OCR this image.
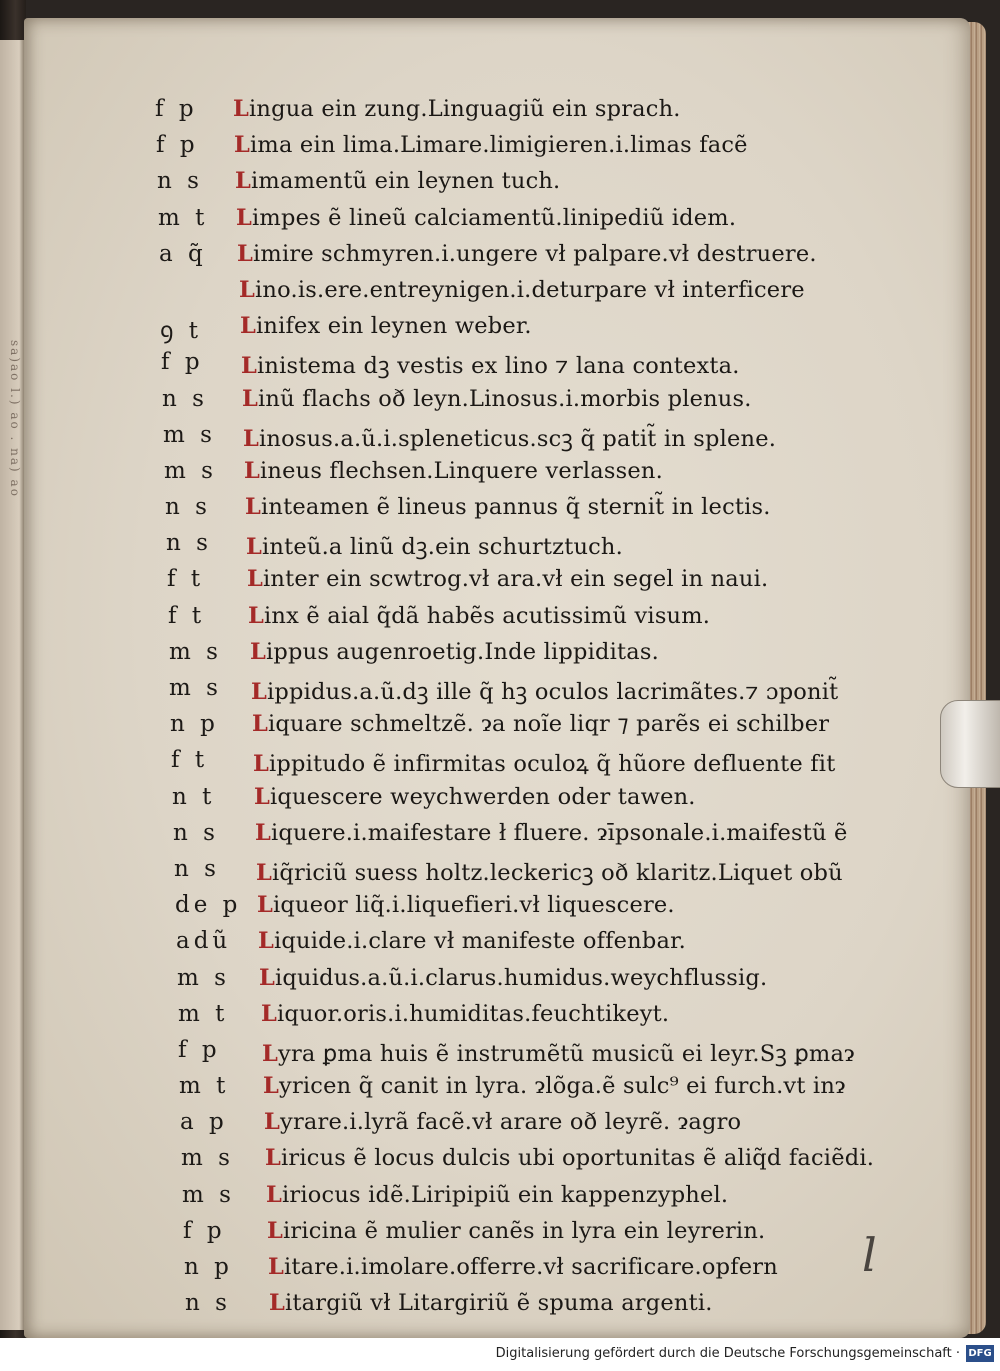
sa)ao l.) ao . na) ao
f p	Lingua ein zung.Linguagiũ ein sprach.
f p	Lima ein lima.Limare.limigieren.i.limas facẽ
n s	Limamentũ ein leynen tuch.
m t	Limpes ẽ lineũ calciamentũ.linipediũ idem.
a q̃	Limire schmyren.i.ungere vł palpare.vł destruere.
Lino.is.ere.entreynigen.i.deturpare vł interficere
ꝯ t	Linifex ein leynen weber.
f p	Linistema dꝫ vestis ex lino ⁊ lana contexta.
n s	Linũ flachs oð leyn.Linosus.i.morbis plenus.
m s	Linosus.a.ũ.i.spleneticus.scꝫ q̃ patit̃ in splene.
m s	Lineus flechsen.Linquere verlassen.
n s	Linteamen ẽ lineus pannus q̃ sternit̃ in lectis.
n s	Linteũ.a linũ dꝫ.ein schurtztuch.
f t	Linter ein scwtrog.vł ara.vł ein segel in naui.
f t	Linx ẽ aial q̃dã habẽs acutissimũ visum.
m s	Lippus augenroetig.Inde lippiditas.
m s	Lippidus.a.ũ.dꝫ ille q̃ hꝫ oculos lacrimãtes.⁊ ɔponit̃
n p	Liquare schmeltzẽ. ɂa noĩe liqr ⁊ parẽs ei schilber
f t	Lippitudo ẽ infirmitas oculoꝝ q̃ hũore defluente fit
n t	Liquescere weychwerden oder tawen.
n s	Liquere.i.maifestare ł fluere. ɂīpsonale.i.maifestũ ẽ
n s	Liq̃riciũ suess holtz.leckericꝫ oð klaritz.Liquet obũ
de p Liqueor liq̃.i.liquefieri.vł liquescere.
adũ	Liquide.i.clare vł manifeste offenbar.
m s	Liquidus.a.ũ.i.clarus.humidus.weychflussig.
m t	Liquor.oris.i.humiditas.feuchtikeyt.
f p	Lyra ꝑma huis ẽ instrumẽtũ musicũ ei leyr.Sꝫ ꝑmaɂ
m t	Lyricen q̃ canit in lyra. ɂlõga.ẽ sulc⁹ ei furch.vt inɂ
a p	Lyrare.i.lyrã facẽ.vł arare oð leyrẽ. ɂagro
m s	Liricus ẽ locus dulcis ubi oportunitas ẽ aliq̃d faciẽdi.
m s	Liriocus idẽ.Liripipiũ ein kappenzyphel.
f p	Liricina ẽ mulier canẽs in lyra ein leyrerin.
n p	Litare.i.imolare.offerre.vł sacrificare.opfern
n s	Litargiũ vł Litargiriũ ẽ spuma argenti.
l
Digitalisierung gefördert durch die Deutsche Forschungsgemeinschaft · DFG
